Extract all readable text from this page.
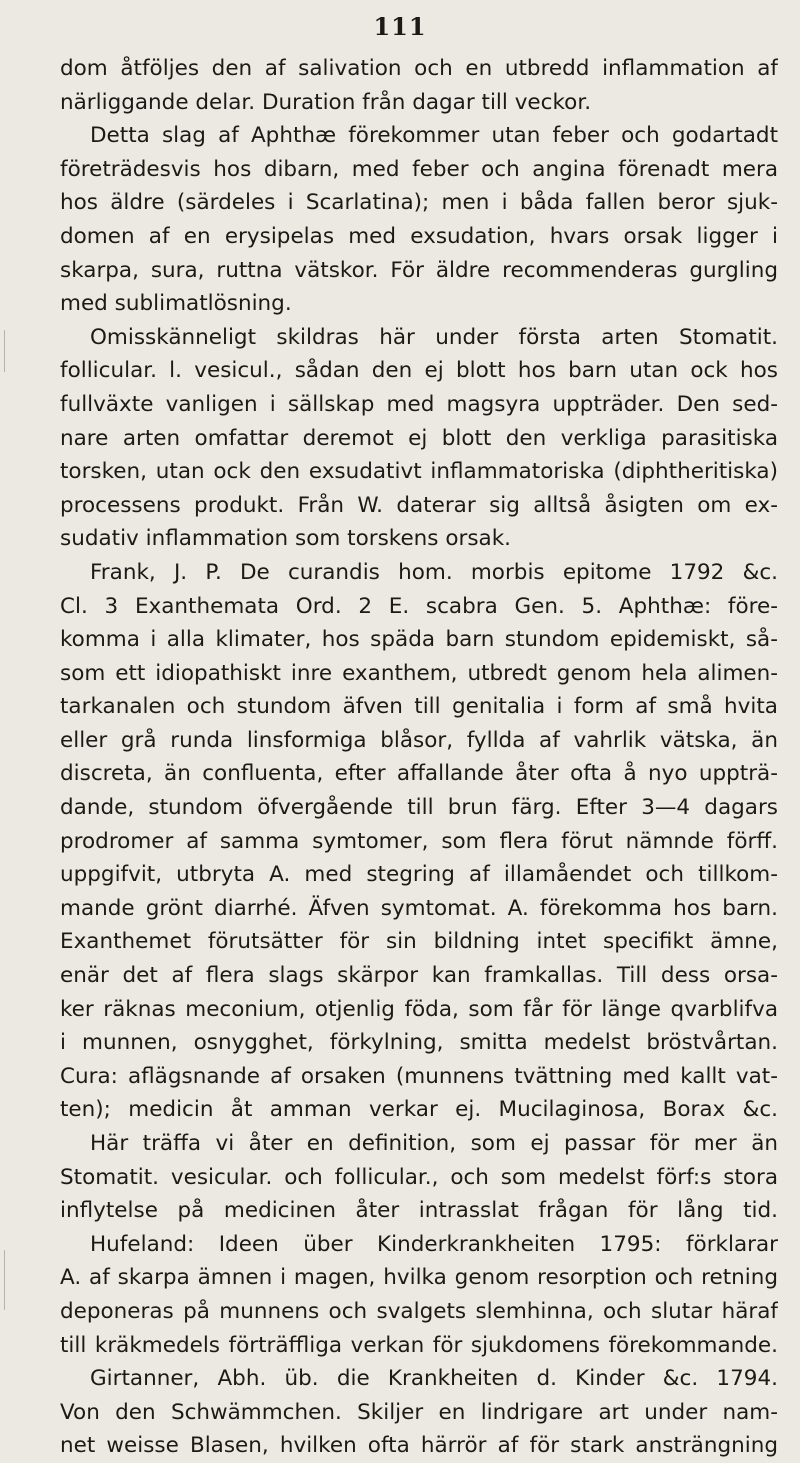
111
dom åtföljes den af salivation och en utbredd inflammation af
närliggande delar. Duration från dagar till veckor.
Detta slag af Aphthæ förekommer utan feber och godartadt
företrädesvis hos dibarn, med feber och angina förenadt mera
hos äldre (särdeles i Scarlatina); men i båda fallen beror sjuk-
domen af en erysipelas med exsudation, hvars orsak ligger i
skarpa, sura, ruttna vätskor. För äldre recommenderas gurgling
med sublimatlösning.
Omisskänneligt skildras här under första arten Stomatit.
follicular. l. vesicul., sådan den ej blott hos barn utan ock hos
fullväxte vanligen i sällskap med magsyra uppträder. Den sed-
nare arten omfattar deremot ej blott den verkliga parasitiska
torsken, utan ock den exsudativt inflammatoriska (diphtheritiska)
processens produkt. Från W. daterar sig alltså åsigten om ex-
sudativ inflammation som torskens orsak.
Frank, J. P. De curandis hom. morbis epitome 1792 &c.
Cl. 3 Exanthemata Ord. 2 E. scabra Gen. 5. Aphthæ: före-
komma i alla klimater, hos späda barn stundom epidemiskt, så-
som ett idiopathiskt inre exanthem, utbredt genom hela alimen-
tarkanalen och stundom äfven till genitalia i form af små hvita
eller grå runda linsformiga blåsor, fyllda af vahrlik vätska, än
discreta, än confluenta, efter affallande åter ofta å nyo uppträ-
dande, stundom öfvergående till brun färg. Efter 3—4 dagars
prodromer af samma symtomer, som flera förut nämnde förff.
uppgifvit, utbryta A. med stegring af illamåendet och tillkom-
mande grönt diarrhé. Äfven symtomat. A. förekomma hos barn.
Exanthemet förutsätter för sin bildning intet specifikt ämne,
enär det af flera slags skärpor kan framkallas. Till dess orsa-
ker räknas meconium, otjenlig föda, som får för länge qvarblifva
i munnen, osnygghet, förkylning, smitta medelst bröstvårtan.
Cura: aflägsnande af orsaken (munnens tvättning med kallt vat-
ten); medicin åt amman verkar ej. Mucilaginosa, Borax &c.
Här träffa vi åter en definition, som ej passar för mer än
Stomatit. vesicular. och follicular., och som medelst förf:s stora
inflytelse på medicinen åter intrasslat frågan för lång tid.
Hufeland: Ideen über Kinderkrankheiten 1795: förklarar
A. af skarpa ämnen i magen, hvilka genom resorption och retning
deponeras på munnens och svalgets slemhinna, och slutar häraf
till kräkmedels förträffliga verkan för sjukdomens förekommande.
Girtanner, Abh. üb. die Krankheiten d. Kinder &c. 1794.
Von den Schwämmchen. Skiljer en lindrigare art under nam-
net weisse Blasen, hvilken ofta härrör af för stark ansträngning
